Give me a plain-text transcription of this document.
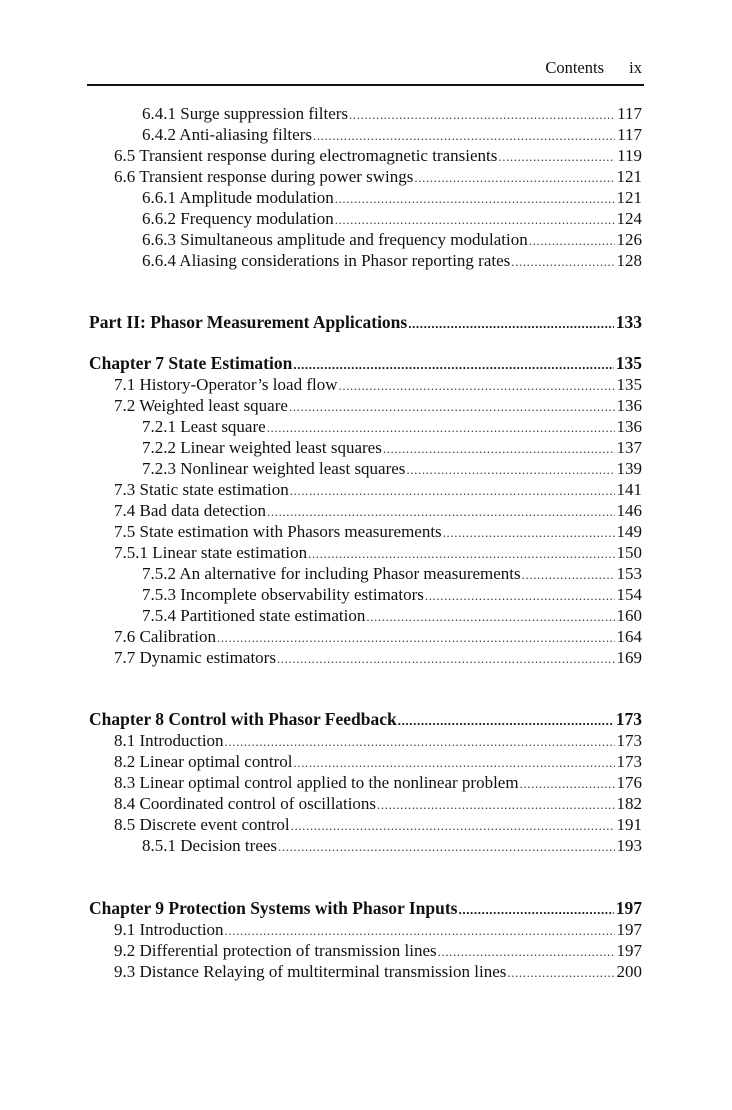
Contents ix
6.4.1 Surge suppression filters .....	117
6.4.2 Anti-aliasing filters .....	117
6.5 Transient response during electromagnetic transients .....	119
6.6 Transient response during power swings .....	121
6.6.1 Amplitude modulation .....	121
6.6.2 Frequency modulation .....	124
6.6.3 Simultaneous amplitude and frequency modulation .....	126
6.6.4 Aliasing considerations in Phasor reporting rates .....	128
Part II: Phasor Measurement Applications .....	133
Chapter 7 State Estimation .....	135
7.1 History-Operator’s load flow .....	135
7.2 Weighted least square .....	136
7.2.1 Least square .....	136
7.2.2 Linear weighted least squares .....	137
7.2.3 Nonlinear weighted least squares .....	139
7.3 Static state estimation .....	141
7.4 Bad data detection .....	146
7.5 State estimation with Phasors measurements .....	149
7.5.1 Linear state estimation .....	150
7.5.2 An alternative for including Phasor measurements .....	153
7.5.3 Incomplete observability estimators .....	154
7.5.4 Partitioned state estimation .....	160
7.6 Calibration .....	164
7.7 Dynamic estimators .....	169
Chapter 8 Control with Phasor Feedback .....	173
8.1 Introduction .....	173
8.2 Linear optimal control .....	173
8.3 Linear optimal control applied to the nonlinear problem .....	176
8.4 Coordinated control of oscillations .....	182
8.5 Discrete event control .....	191
8.5.1 Decision trees .....	193
Chapter 9 Protection Systems with Phasor Inputs .....	197
9.1 Introduction .....	197
9.2 Differential protection of transmission lines .....	197
9.3 Distance Relaying of multiterminal transmission lines .....	200
